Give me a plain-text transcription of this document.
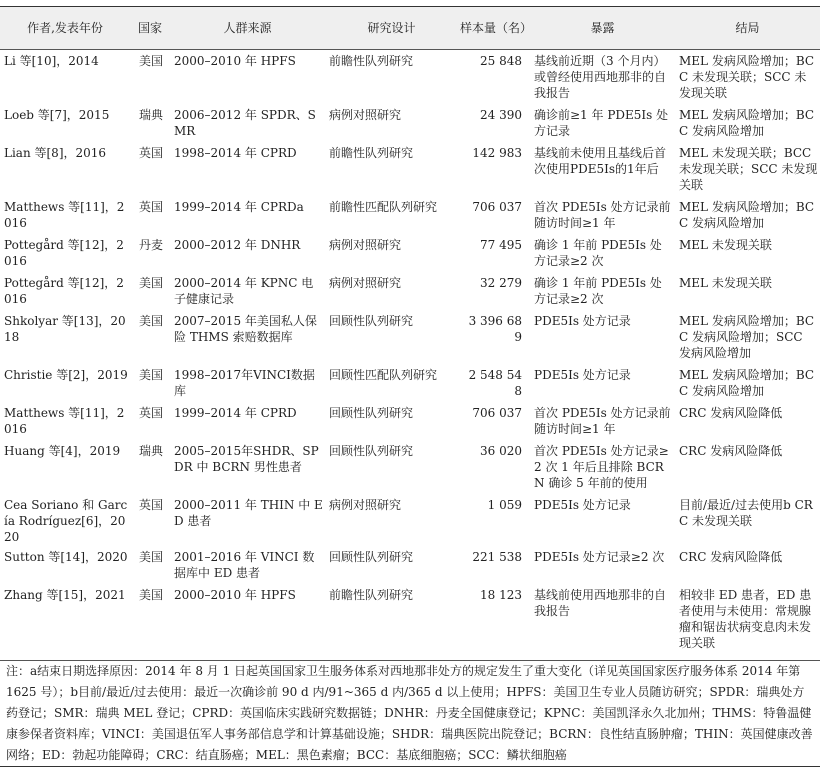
作者,发表年份	国家	人群来源	研究设计	样本量（名）	暴露	结局
Li 等[10]，2014	美国	2000–2010 年 HPFS	前瞻性队列研究	25 848	基线前近期（3 个月内）或曾经使用西地那非的自我报告	MEL 发病风险增加；BCC 未发现关联；SCC 未发现关联
Loeb 等[7]，2015	瑞典	2006–2012 年 SPDR、SMR	病例对照研究	24 390	确诊前≥1 年 PDE5Is 处方记录	MEL 发病风险增加；BCC 发病风险增加
Lian 等[8]，2016	英国	1998–2014 年 CPRD	前瞻性队列研究	142 983	基线前未使用且基线后首次使用PDE5Is的1年后	MEL 未发现关联；BCC 未发现关联；SCC 未发现关联
Matthews 等[11]，2016	英国	1999–2014 年 CPRDa	前瞻性匹配队列研究	706 037	首次 PDE5Is 处方记录前随访时间≥1 年	MEL 发病风险增加；BCC 发病风险增加
Pottegård 等[12]，2016	丹麦	2000–2012 年 DNHR	病例对照研究	77 495	确诊 1 年前 PDE5Is 处方记录≥2 次	MEL 未发现关联
Pottegård 等[12]，2016	美国	2000–2014 年 KPNC 电子健康记录	病例对照研究	32 279	确诊 1 年前 PDE5Is 处方记录≥2 次	MEL 未发现关联
Shkolyar 等[13]，2018	美国	2007–2015 年美国私人保险 THMS 索赔数据库	回顾性队列研究	3 396 689	PDE5Is 处方记录	MEL 发病风险增加；BCC 发病风险增加；SCC 发病风险增加
Christie 等[2]，2019	美国	1998–2017年VINCI数据库	回顾性匹配队列研究	2 548 548	PDE5Is 处方记录	MEL 发病风险增加；BCC 发病风险增加
Matthews 等[11]，2016	英国	1999–2014 年 CPRD	回顾性队列研究	706 037	首次 PDE5Is 处方记录前随访时间≥1 年	CRC 发病风险降低
Huang 等[4]，2019	瑞典	2005–2015年SHDR、SPDR 中 BCRN 男性患者	回顾性队列研究	36 020	首次 PDE5Is 处方记录≥2 次 1 年后且排除 BCRN 确诊 5 年前的使用	CRC 发病风险降低
Cea Soriano 和 García Rodríguez[6]，2020	英国	2000–2011 年 THIN 中 ED 患者	病例对照研究	1 059	PDE5Is 处方记录	目前/最近/过去使用b CRC 未发现关联
Sutton 等[14]，2020	美国	2001–2016 年 VINCI 数据库中 ED 患者	回顾性队列研究	221 538	PDE5Is 处方记录≥2 次	CRC 发病风险降低
Zhang 等[15]，2021	美国	2000–2010 年 HPFS	前瞻性队列研究	18 123	基线前使用西地那非的自我报告	相较非 ED 患者，ED 患者使用与未使用：常规腺瘤和锯齿状病变息肉未发现关联
注：a结束日期选择原因：2014 年 8 月 1 日起英国国家卫生服务体系对西地那非处方的规定发生了重大变化（详见英国国家医疗服务体系 2014 年第 1625 号）；b目前/最近/过去使用：最近一次确诊前 90 d 内/91~365 d 内/365 d 以上使用；HPFS：美国卫生专业人员随访研究；SPDR：瑞典处方药登记；SMR：瑞典 MEL 登记；CPRD：英国临床实践研究数据链；DNHR：丹麦全国健康登记；KPNC：美国凯泽永久北加州；THMS：特鲁温健康参保者资料库；VINCI：美国退伍军人事务部信息学和计算基础设施；SHDR：瑞典医院出院登记；BCRN：良性结直肠肿瘤；THIN：英国健康改善网络；ED：勃起功能障碍；CRC：结直肠癌；MEL：黑色素瘤；BCC：基底细胞癌；SCC：鳞状细胞癌
